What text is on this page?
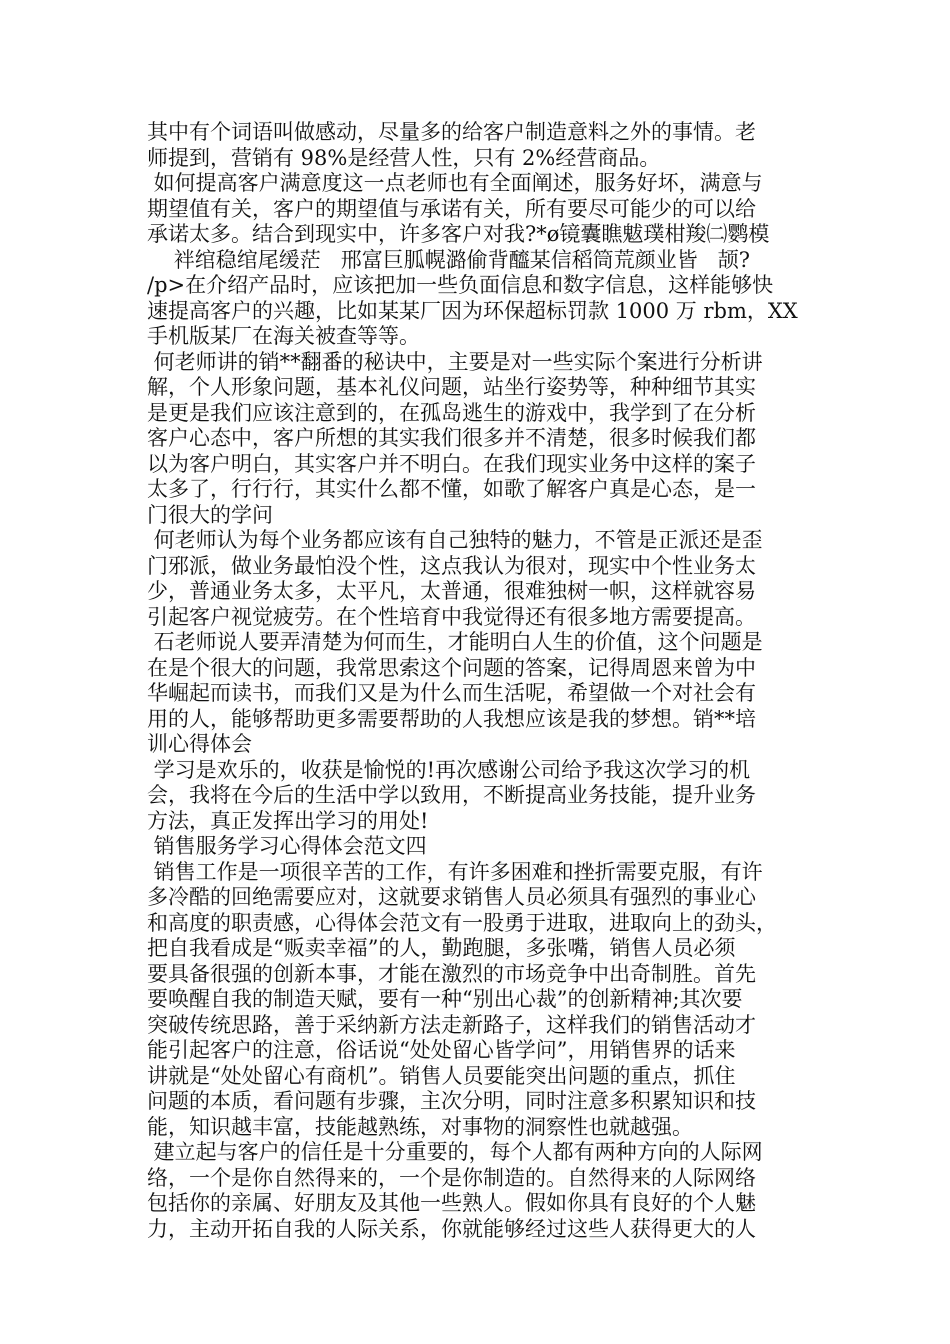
其中有个词语叫做感动，尽量多的给客户制造意料之外的事情。老
师提到，营销有 98%是经营人性，只有 2%经营商品。
如何提高客户满意度这一点老师也有全面阐述，服务好坏，满意与
期望值有关，客户的期望值与承诺有关，所有要尽可能少的可以给
承诺太多。结合到现实中，许多客户对我?*ø镜囊瞧魃璞柑羧㈡鹦模
袢绾稳绾尾缓茫   邢富巨胍幌潞偷背醯某信稻筒荒颜业皆   颉?
/p>在介绍产品时，应该把加一些负面信息和数字信息，这样能够快
速提高客户的兴趣，比如某某厂因为环保超标罚款 1000 万 rbm，XX
手机版某厂在海关被查等等。
何老师讲的销**翻番的秘诀中，主要是对一些实际个案进行分析讲
解，个人形象问题，基本礼仪问题，站坐行姿势等，种种细节其实
是更是我们应该注意到的，在孤岛逃生的游戏中，我学到了在分析
客户心态中，客户所想的其实我们很多并不清楚，很多时候我们都
以为客户明白，其实客户并不明白。在我们现实业务中这样的案子
太多了，行行行，其实什么都不懂，如歌了解客户真是心态，是一
门很大的学问
何老师认为每个业务都应该有自己独特的魅力，不管是正派还是歪
门邪派，做业务最怕没个性，这点我认为很对，现实中个性业务太
少，普通业务太多，太平凡，太普通，很难独树一帜，这样就容易
引起客户视觉疲劳。在个性培育中我觉得还有很多地方需要提高。
石老师说人要弄清楚为何而生，才能明白人生的价值，这个问题是
在是个很大的问题，我常思索这个问题的答案，记得周恩来曾为中
华崛起而读书，而我们又是为什么而生活呢，希望做一个对社会有
用的人，能够帮助更多需要帮助的人我想应该是我的梦想。销**培
训心得体会
学习是欢乐的，收获是愉悦的!再次感谢公司给予我这次学习的机
会，我将在今后的生活中学以致用，不断提高业务技能，提升业务
方法，真正发挥出学习的用处!
销售服务学习心得体会范文四
销售工作是一项很辛苦的工作，有许多困难和挫折需要克服，有许
多冷酷的回绝需要应对，这就要求销售人员必须具有强烈的事业心
和高度的职责感，心得体会范文有一股勇于进取，进取向上的劲头，
把自我看成是“贩卖幸福”的人，勤跑腿，多张嘴，销售人员必须
要具备很强的创新本事，才能在激烈的市场竞争中出奇制胜。首先
要唤醒自我的制造天赋，要有一种“别出心裁”的创新精神;其次要
突破传统思路，善于采纳新方法走新路子，这样我们的销售活动才
能引起客户的注意，俗话说“处处留心皆学问”，用销售界的话来
讲就是“处处留心有商机”。销售人员要能突出问题的重点，抓住
问题的本质，看问题有步骤，主次分明，同时注意多积累知识和技
能，知识越丰富，技能越熟练，对事物的洞察性也就越强。
建立起与客户的信任是十分重要的，每个人都有两种方向的人际网
络，一个是你自然得来的，一个是你制造的。自然得来的人际网络
包括你的亲属、好朋友及其他一些熟人。假如你具有良好的个人魅
力，主动开拓自我的人际关系，你就能够经过这些人获得更大的人
